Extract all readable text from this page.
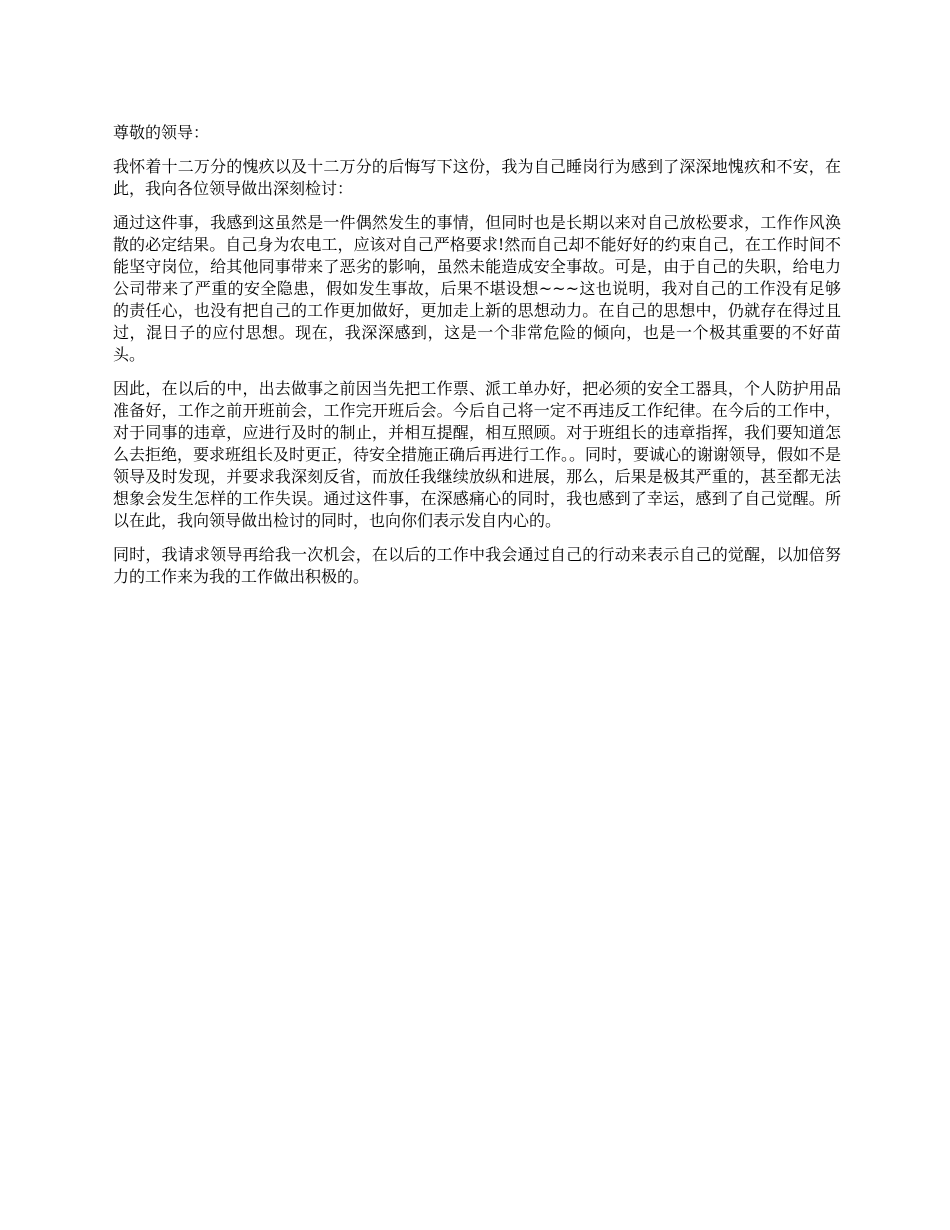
尊敬的领导：

我怀着十二万分的愧疚以及十二万分的后悔写下这份，我为自己睡岗行为感到了深深地愧疚和不安，在此，我向各位领导做出深刻检讨：

通过这件事，我感到这虽然是一件偶然发生的事情，但同时也是长期以来对自己放松要求，工作作风涣散的必定结果。自己身为农电工，应该对自己严格要求!然而自己却不能好好的约束自己，在工作时间不能坚守岗位，给其他同事带来了恶劣的影响，虽然未能造成安全事故。可是，由于自己的失职，给电力公司带来了严重的安全隐患，假如发生事故，后果不堪设想~~~这也说明，我对自己的工作没有足够的责任心，也没有把自己的工作更加做好，更加走上新的思想动力。在自己的思想中，仍就存在得过且过，混日子的应付思想。现在，我深深感到，这是一个非常危险的倾向，也是一个极其重要的不好苗头。

因此，在以后的中，出去做事之前因当先把工作票、派工单办好，把必须的安全工器具，个人防护用品准备好，工作之前开班前会，工作完开班后会。今后自己将一定不再违反工作纪律。在今后的工作中，对于同事的违章，应进行及时的制止，并相互提醒，相互照顾。对于班组长的违章指挥，我们要知道怎么去拒绝，要求班组长及时更正，待安全措施正确后再进行工作。。同时，要诚心的谢谢领导，假如不是领导及时发现，并要求我深刻反省，而放任我继续放纵和进展，那么，后果是极其严重的，甚至都无法想象会发生怎样的工作失误。通过这件事，在深感痛心的同时，我也感到了幸运，感到了自己觉醒。所以在此，我向领导做出检讨的同时，也向你们表示发自内心的。

同时，我请求领导再给我一次机会，在以后的工作中我会通过自己的行动来表示自己的觉醒，以加倍努力的工作来为我的工作做出积极的。
